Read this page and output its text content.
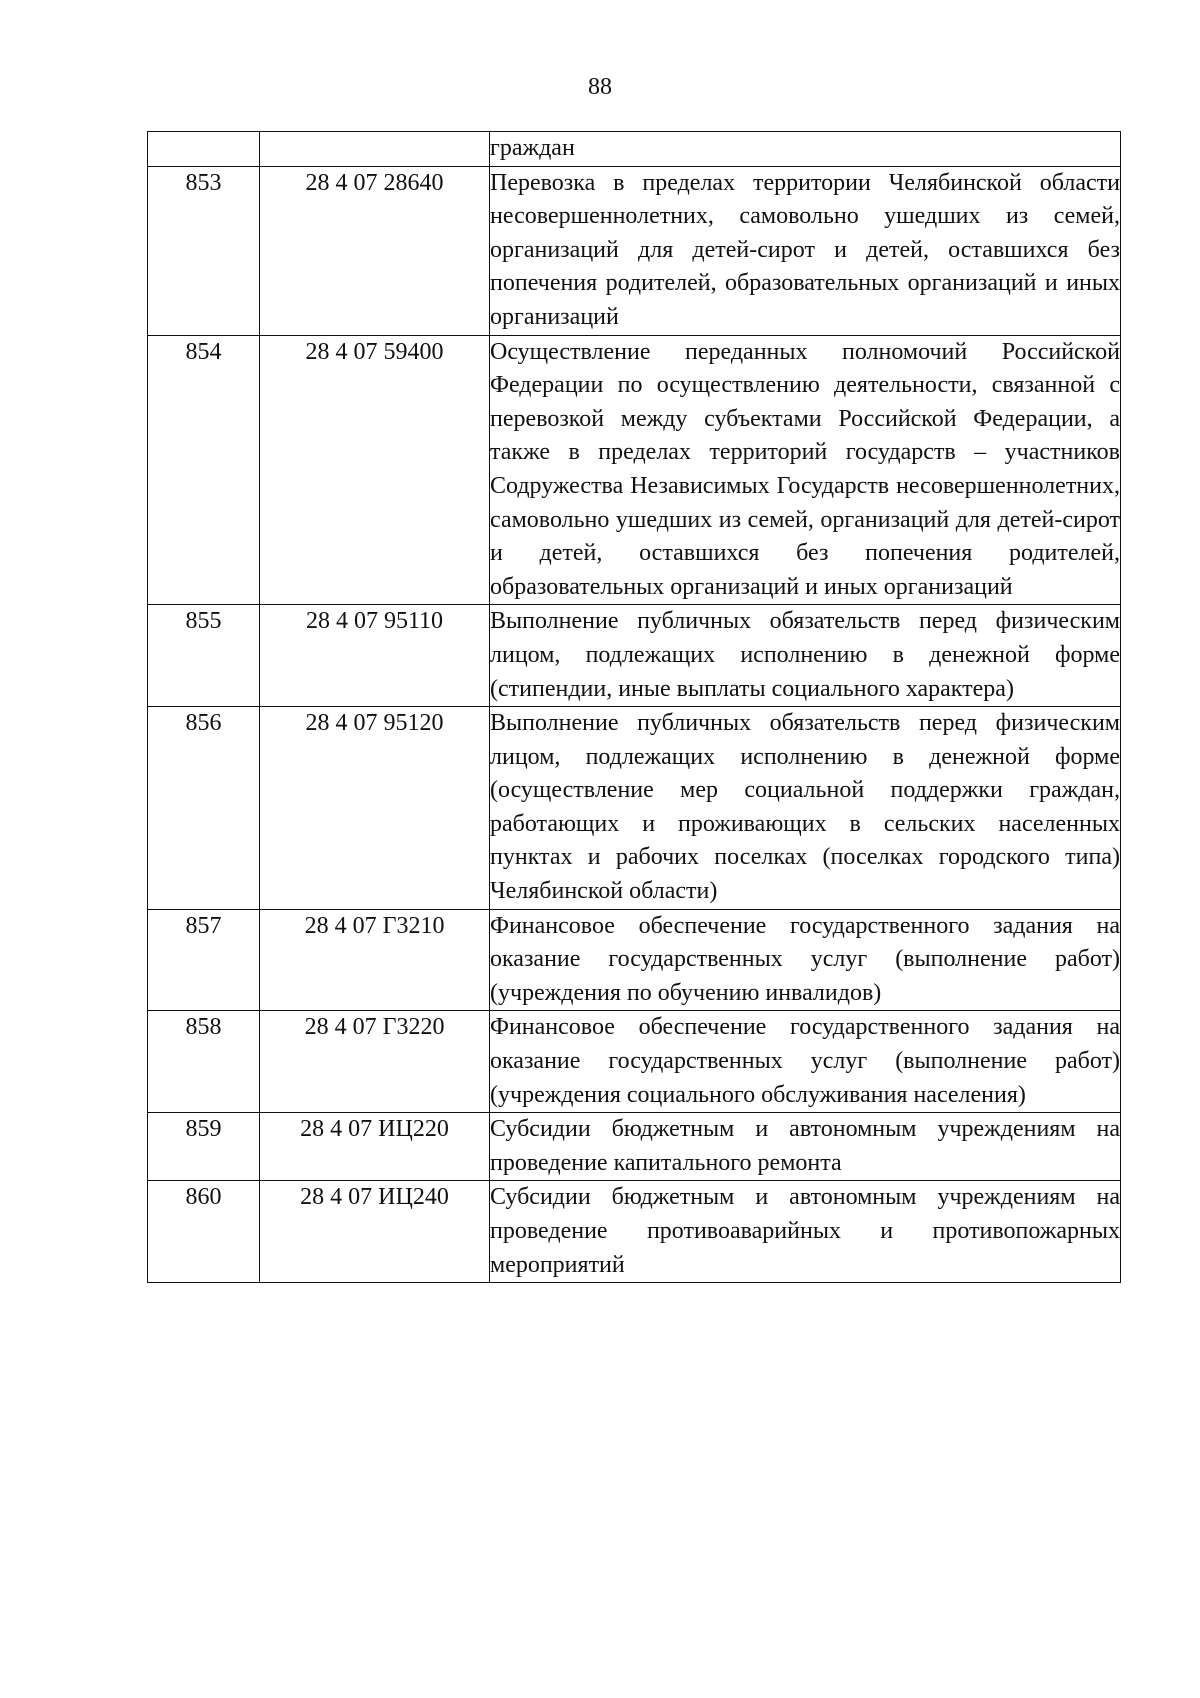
88
		граждан
853	28 4 07 28640	Перевозка в пределах территории Челябинской области несовершеннолетних, самовольно ушедших из семей, организаций для детей-сирот и детей, оставшихся без попечения родителей, образовательных организаций и иных организаций
854	28 4 07 59400	Осуществление переданных полномочий Российской Федерации по осуществлению деятельности, связанной с перевозкой между субъектами Российской Федерации, а также в пределах территорий государств – участников Содружества Независимых Государств несовершеннолетних, самовольно ушедших из семей, организаций для детей-сирот и детей, оставшихся без попечения родителей, образовательных организаций и иных организаций
855	28 4 07 95110	Выполнение публичных обязательств перед физическим лицом, подлежащих исполнению в денежной форме (стипендии, иные выплаты социального характера)
856	28 4 07 95120	Выполнение публичных обязательств перед физическим лицом, подлежащих исполнению в денежной форме (осуществление мер социальной поддержки граждан, работающих и проживающих в сельских населенных пунктах и рабочих поселках (поселках городского типа) Челябинской области)
857	28 4 07 Г3210	Финансовое обеспечение государственного задания на оказание государственных услуг (выполнение работ) (учреждения по обучению инвалидов)
858	28 4 07 Г3220	Финансовое обеспечение государственного задания на оказание государственных услуг (выполнение работ) (учреждения социального обслуживания населения)
859	28 4 07 ИЦ220	Субсидии бюджетным и автономным учреждениям на проведение капитального ремонта
860	28 4 07 ИЦ240	Субсидии бюджетным и автономным учреждениям на проведение противоаварийных и противопожарных мероприятий
